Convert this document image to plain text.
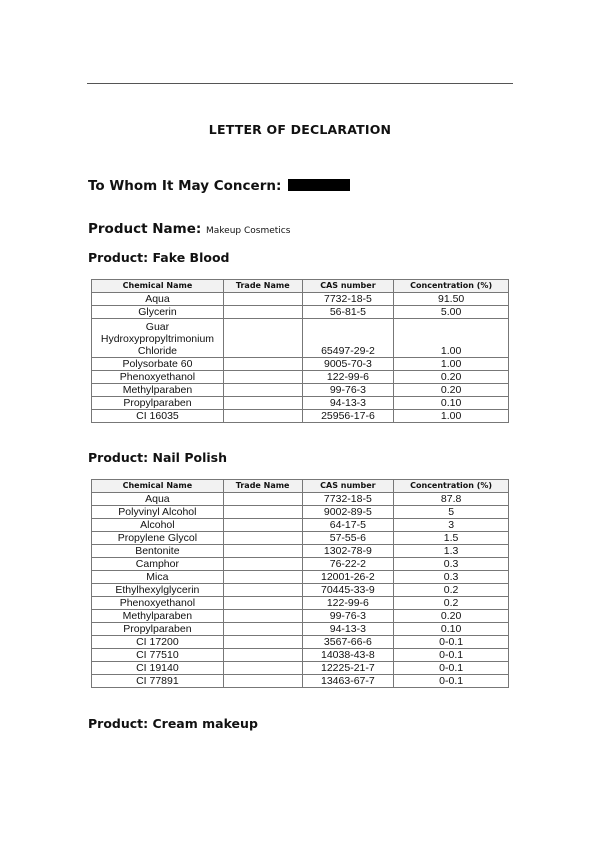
LETTER OF DECLARATION
To Whom It May Concern:
Product Name: Makeup Cosmetics
Product: Fake Blood
Chemical Name	Trade Name	CAS number	Concentration (%)
Aqua		7732-18-5	91.50
Glycerin		56-81-5	5.00
Guar
Hydroxypropyltrimonium
Chloride		65497-29-2	1.00
Polysorbate 60		9005-70-3	1.00
Phenoxyethanol		122-99-6	0.20
Methylparaben		99-76-3	0.20
Propylparaben		94-13-3	0.10
CI 16035		25956-17-6	1.00
Product: Nail Polish
Chemical Name	Trade Name	CAS number	Concentration (%)
Aqua		7732-18-5	87.8
Polyvinyl Alcohol		9002-89-5	5
Alcohol		64-17-5	3
Propylene Glycol		57-55-6	1.5
Bentonite		1302-78-9	1.3
Camphor		76-22-2	0.3
Mica		12001-26-2	0.3
Ethylhexylglycerin		70445-33-9	0.2
Phenoxyethanol		122-99-6	0.2
Methylparaben		99-76-3	0.20
Propylparaben		94-13-3	0.10
CI 17200		3567-66-6	0-0.1
CI 77510		14038-43-8	0-0.1
CI 19140		12225-21-7	0-0.1
CI 77891		13463-67-7	0-0.1
Product: Cream makeup
